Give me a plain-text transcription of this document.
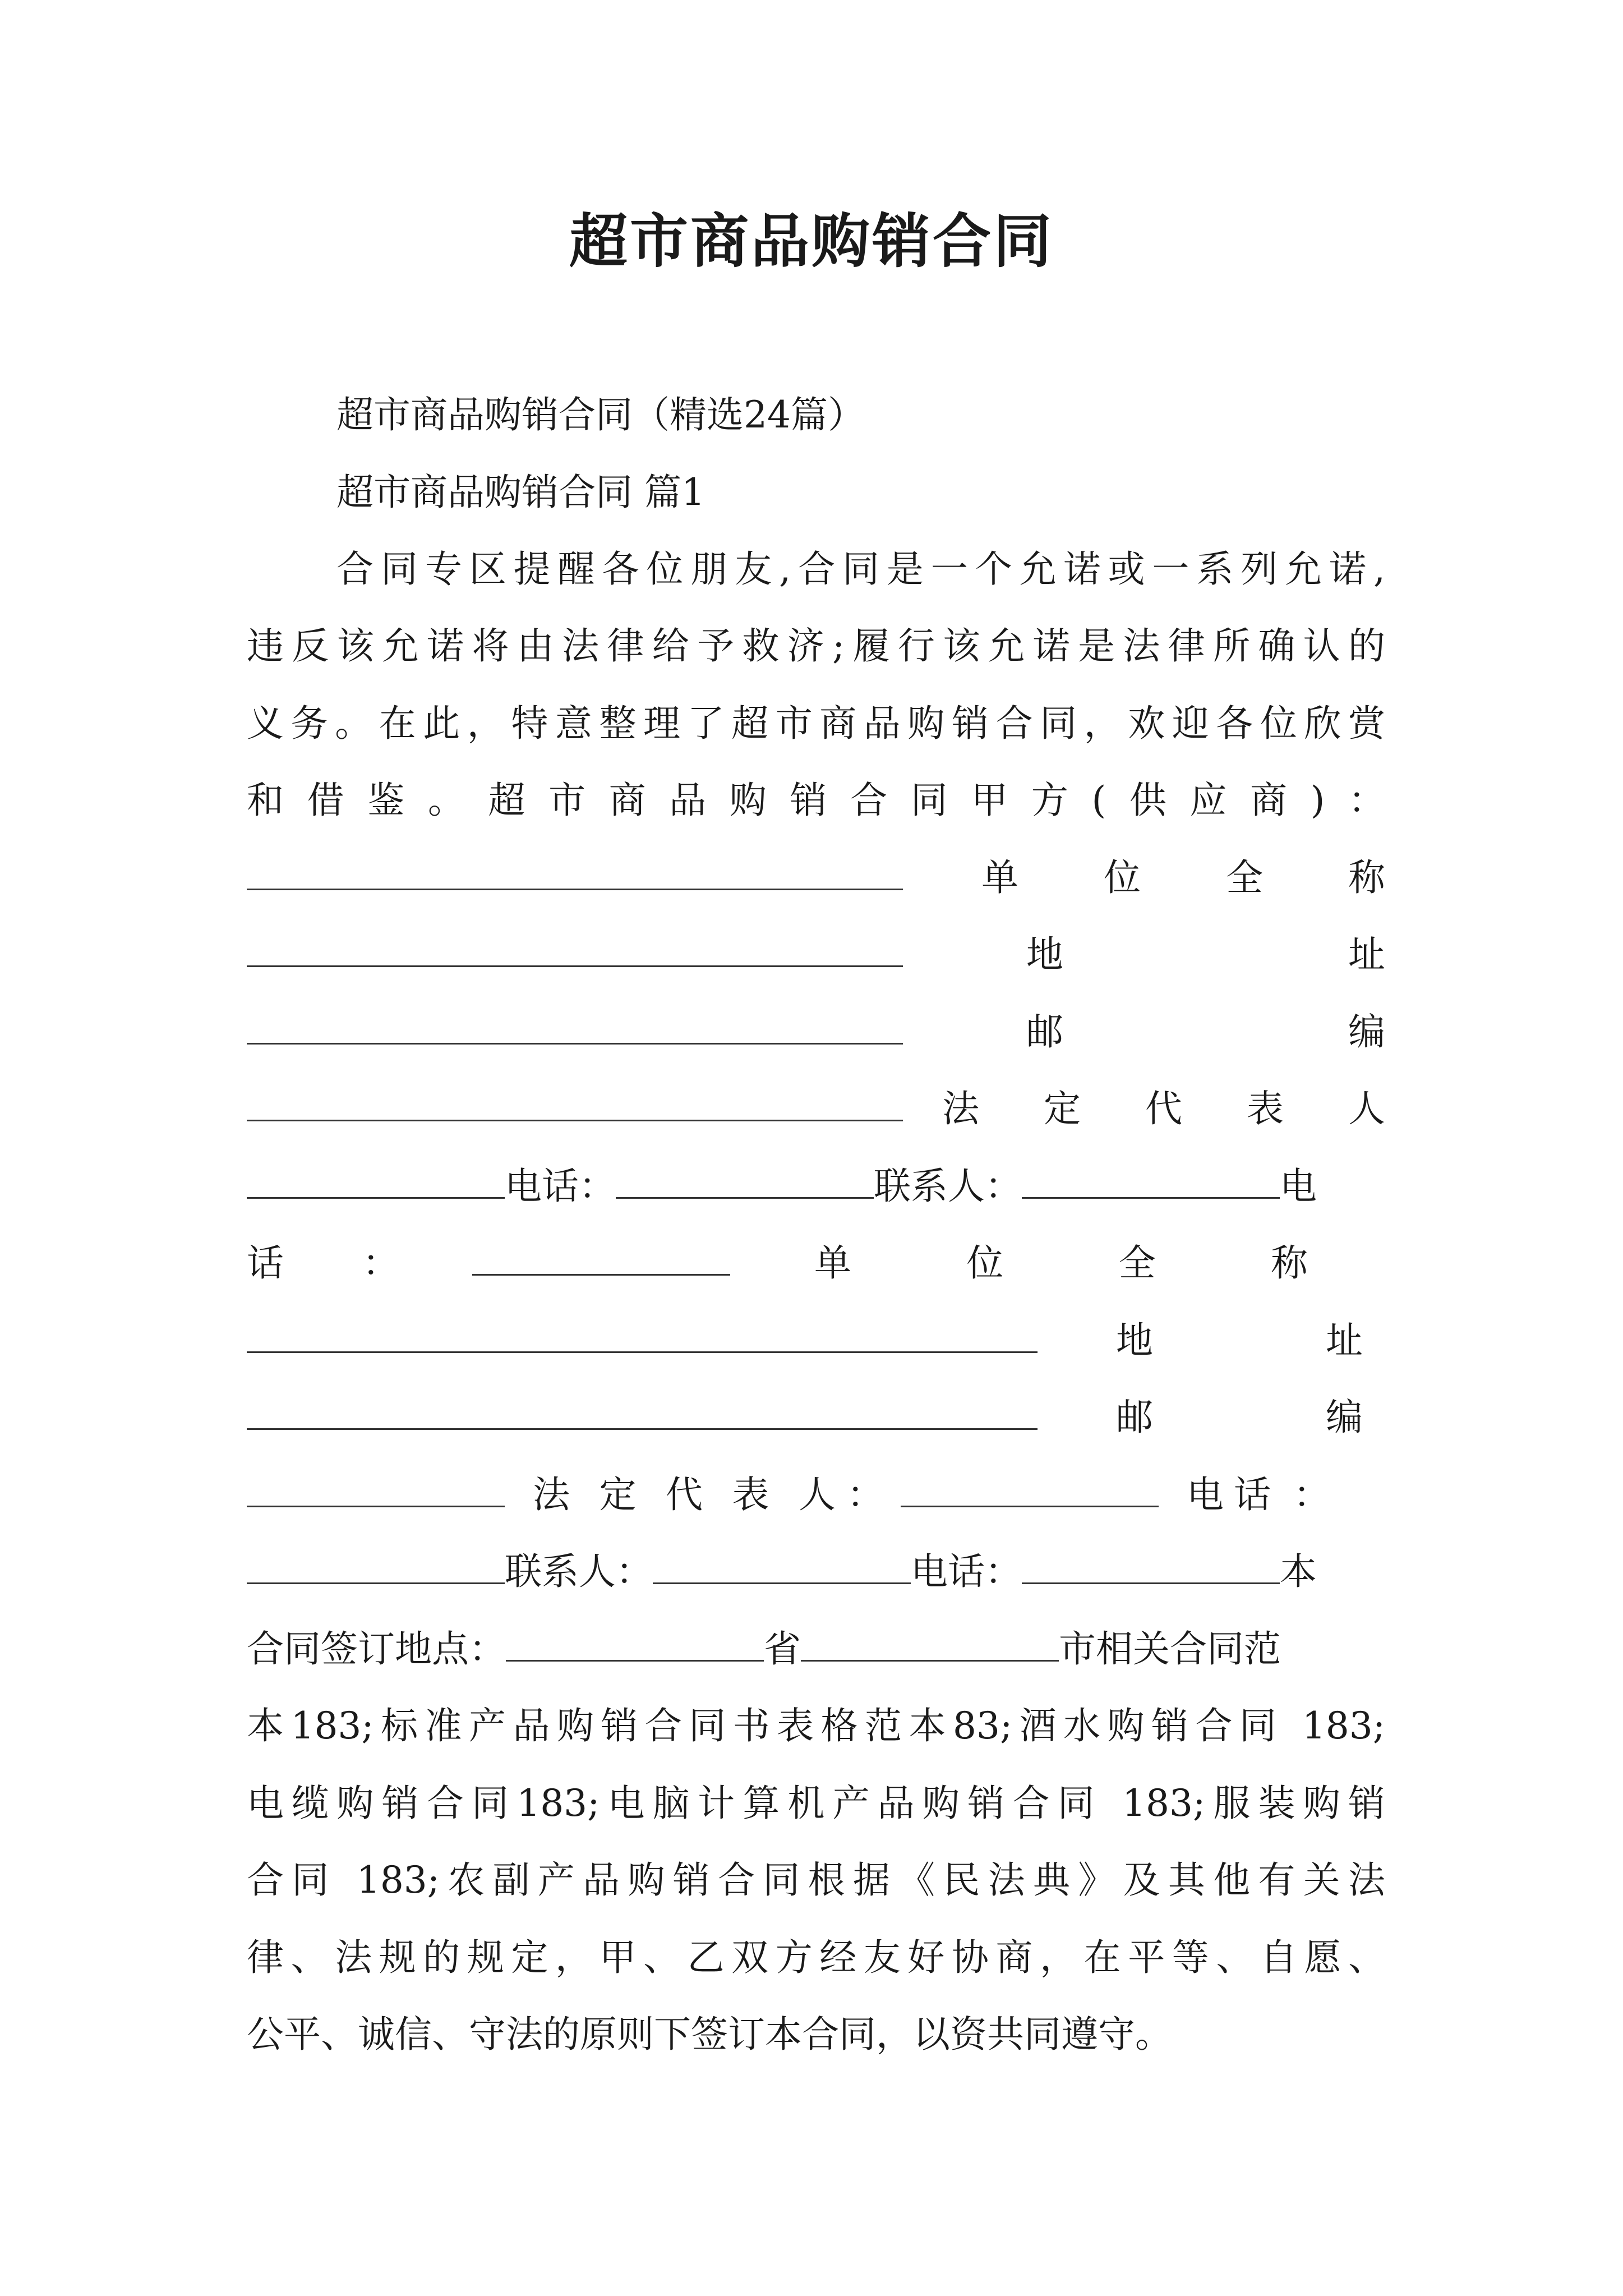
超市商品购销合同
超市商品购销合同（精选24篇）
超市商品购销合同 篇1
合同专区提醒各位朋友,合同是一个允诺或一系列允诺,
违反该允诺将由法律给予救济;履行该允诺是法律所确认的
义务。在此，特意整理了超市商品购销合同，欢迎各位欣赏
和借鉴。超市商品购销合同甲方(供应商)：
单位全称
地址
邮编
法定代表人
电话：	联系人：	电
话 ：	单位全称
地址
邮编
法定代表人 ：	电话 ：
联系人：	电话：	本
合同签订地点：	省	市相关合同范
本183;标准产品购销合同书表格范本83;酒水购销合同 183;
电缆购销合同183;电脑计算机产品购销合同 183;服装购销
合同 183;农副产品购销合同根据《民法典》及其他有关法
律、法规的规定，甲、乙双方经友好协商，在平等、自愿、
公平、诚信、守法的原则下签订本合同，以资共同遵守。
